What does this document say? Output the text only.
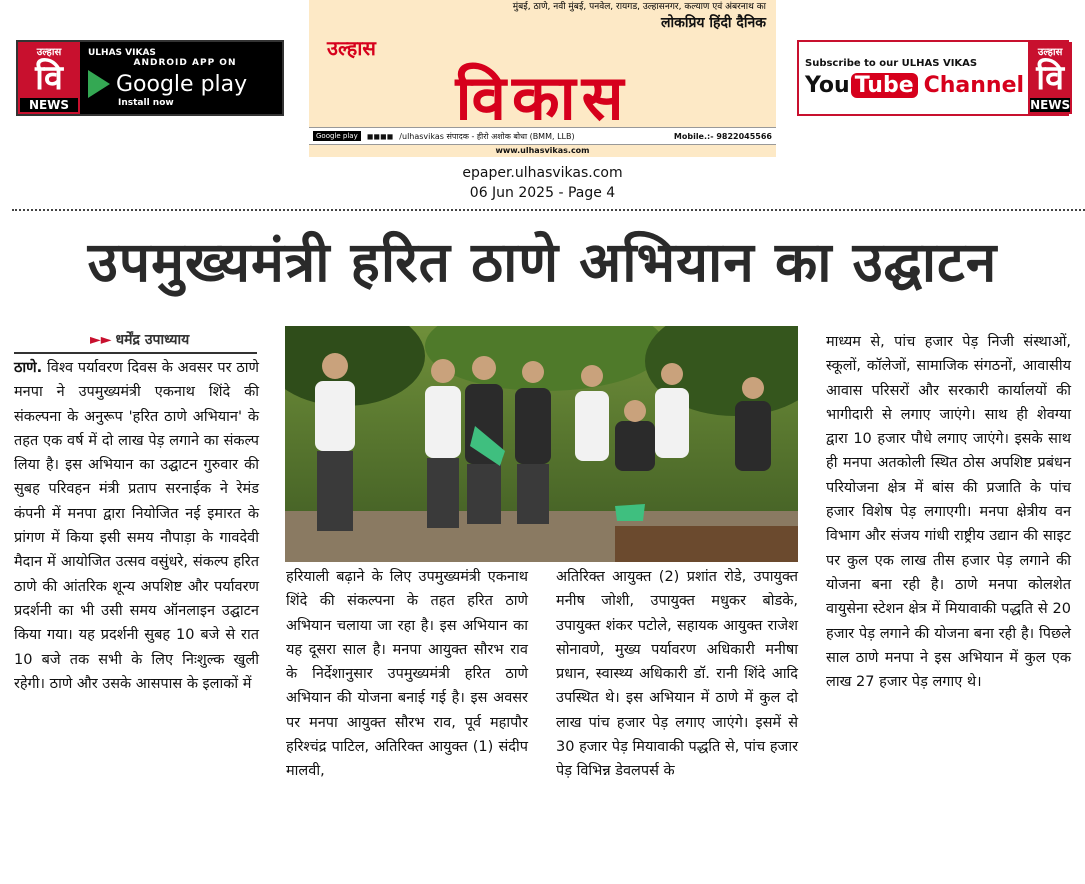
उल्हास
वि
NEWS
ULHAS VIKAS
ANDROID APP ON
Google play
Install now
मुंबई, ठाणे, नवी मुंबई, पनवेल, रायगड, उल्हासनगर, कल्याण एवं अंबरनाथ का
लोकप्रिय हिंदी दैनिक
उल्हास
विकास
Google play	◼◼◼◼ /ulhasvikas संपादक - हीरो अशोक बोधा (BMM, LLB)	Mobile.:- 9822045566
www.ulhasvikas.com
Subscribe to our ULHAS VIKAS
You Tube Channel
उल्हास
वि
NEWS
epaper.ulhasvikas.com
06 Jun 2025 - Page 4
उपमुख्यमंत्री हरित ठाणे अभियान का उद्घाटन
►► धर्मेंद्र उपाध्याय
ठाणे. विश्व पर्यावरण दिवस के अवसर पर ठाणे मनपा ने उपमुख्यमंत्री एकनाथ शिंदे की संकल्पना के अनुरूप 'हरित ठाणे अभियान' के तहत एक वर्ष में दो लाख पेड़ लगाने का संकल्प लिया है। इस अभियान का उद्घाटन गुरुवार की सुबह परिवहन मंत्री प्रताप सरनाईक ने रेमंड कंपनी में मनपा द्वारा नियोजित नई इमारत के प्रांगण में किया इसी समय नौपाड़ा के गावदेवी मैदान में आयोजित उत्सव वसुंधरे, संकल्प हरित ठाणे की आंतरिक शून्य अपशिष्ट और पर्यावरण प्रदर्शनी का भी उसी समय ऑनलाइन उद्घाटन किया गया। यह प्रदर्शनी सुबह 10 बजे से रात 10 बजे तक सभी के लिए निःशुल्क खुली रहेगी। ठाणे और उसके आसपास के इलाकों में
हरियाली बढ़ाने के लिए उपमुख्यमंत्री एकनाथ शिंदे की संकल्पना के तहत हरित ठाणे अभियान चलाया जा रहा है। इस अभियान का यह दूसरा साल है। मनपा आयुक्त सौरभ राव के निर्देशानुसार उपमुख्यमंत्री हरित ठाणे अभियान की योजना बनाई गई है। इस अवसर पर मनपा आयुक्त सौरभ राव, पूर्व महापौर हरिश्चंद्र पाटिल, अतिरिक्त आयुक्त (1) संदीप मालवी,
अतिरिक्त आयुक्त (2) प्रशांत रोडे, उपायुक्त मनीष जोशी, उपायुक्त मधुकर बोडके, उपायुक्त शंकर पटोले, सहायक आयुक्त राजेश सोनावणे, मुख्य पर्यावरण अधिकारी मनीषा प्रधान, स्वास्थ्य अधिकारी डॉ. रानी शिंदे आदि उपस्थित थे। इस अभियान में ठाणे में कुल दो लाख पांच हजार पेड़ लगाए जाएंगे। इसमें से 30 हजार पेड़ मियावाकी पद्धति से, पांच हजार पेड़ विभिन्न डेवलपर्स के
माध्यम से, पांच हजार पेड़ निजी संस्थाओं, स्कूलों, कॉलेजों, सामाजिक संगठनों, आवासीय आवास परिसरों और सरकारी कार्यालयों की भागीदारी से लगाए जाएंगे। साथ ही शेवग्या द्वारा 10 हजार पौधे लगाए जाएंगे। इसके साथ ही मनपा अतकोली स्थित ठोस अपशिष्ट प्रबंधन परियोजना क्षेत्र में बांस की प्रजाति के पांच हजार विशेष पेड़ लगाएगी। मनपा क्षेत्रीय वन विभाग और संजय गांधी राष्ट्रीय उद्यान की साइट पर कुल एक लाख तीस हजार पेड़ लगाने की योजना बना रही है। ठाणे मनपा कोलशेत वायुसेना स्टेशन क्षेत्र में मियावाकी पद्धति से 20 हजार पेड़ लगाने की योजना बना रही है। पिछले साल ठाणे मनपा ने इस अभियान में कुल एक लाख 27 हजार पेड़ लगाए थे।
